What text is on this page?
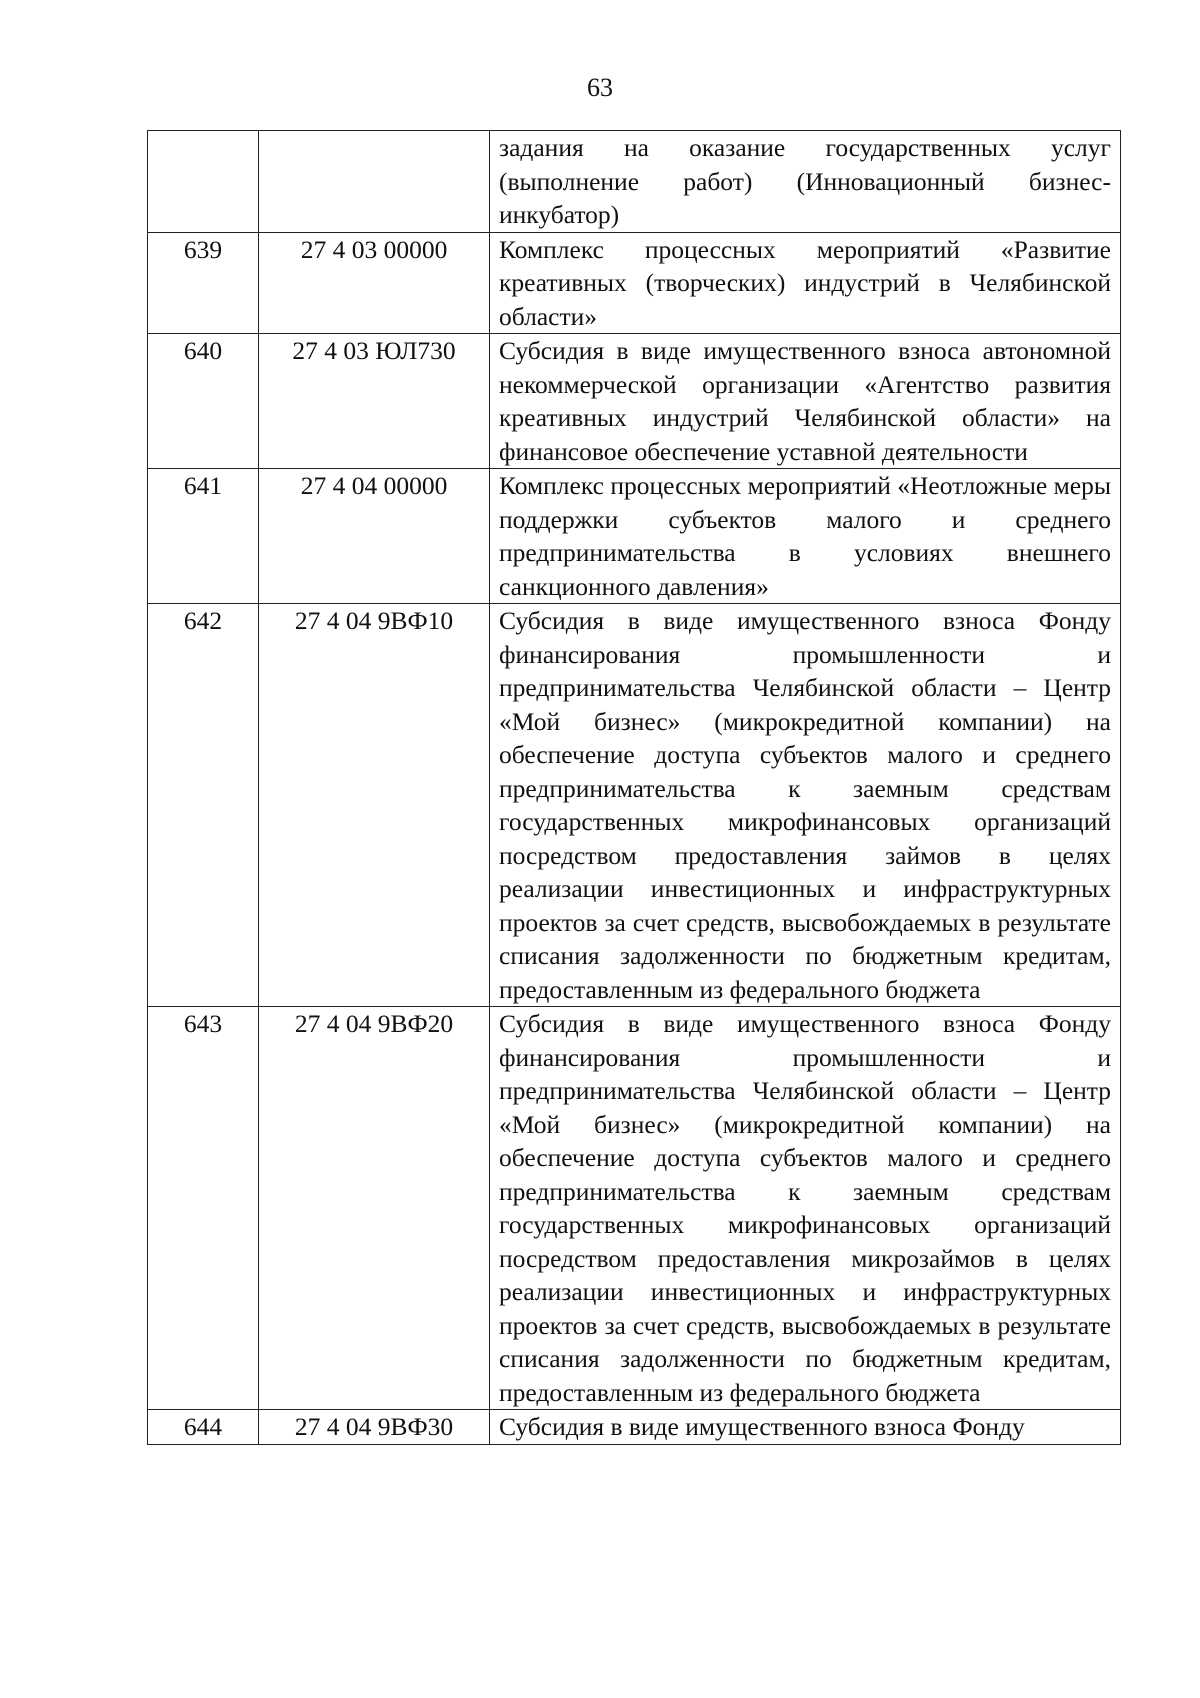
63

		задания на оказание государственных услуг (выполнение работ) (Инновационный бизнес-инкубатор)

639	27 4 03 00000	Комплекс процессных мероприятий «Развитие креативных (творческих) индустрий в Челябинской области»

640	27 4 03 ЮЛ730	Субсидия в виде имущественного взноса автономной некоммерческой организации «Агентство развития креативных индустрий Челябинской области» на финансовое обеспечение уставной деятельности

641	27 4 04 00000	Комплекс процессных мероприятий «Неотложные меры поддержки субъектов малого и среднего предпринимательства в условиях внешнего санкционного давления»

642	27 4 04 9ВФ10	Субсидия в виде имущественного взноса Фонду финансирования промышленности и предпринимательства Челябинской области – Центр «Мой бизнес» (микрокредитной компании) на обеспечение доступа субъектов малого и среднего предпринимательства к заемным средствам государственных микрофинансовых организаций посредством предоставления займов в целях реализации инвестиционных и инфраструктурных проектов за счет средств, высвобождаемых в результате списания задолженности по бюджетным кредитам, предоставленным из федерального бюджета

643	27 4 04 9ВФ20	Субсидия в виде имущественного взноса Фонду финансирования промышленности и предпринимательства Челябинской области – Центр «Мой бизнес» (микрокредитной компании) на обеспечение доступа субъектов малого и среднего предпринимательства к заемным средствам государственных микрофинансовых организаций посредством предоставления микрозаймов в целях реализации инвестиционных и инфраструктурных проектов за счет средств, высвобождаемых в результате списания задолженности по бюджетным кредитам, предоставленным из федерального бюджета

644	27 4 04 9ВФ30	Субсидия в виде имущественного взноса Фонду
